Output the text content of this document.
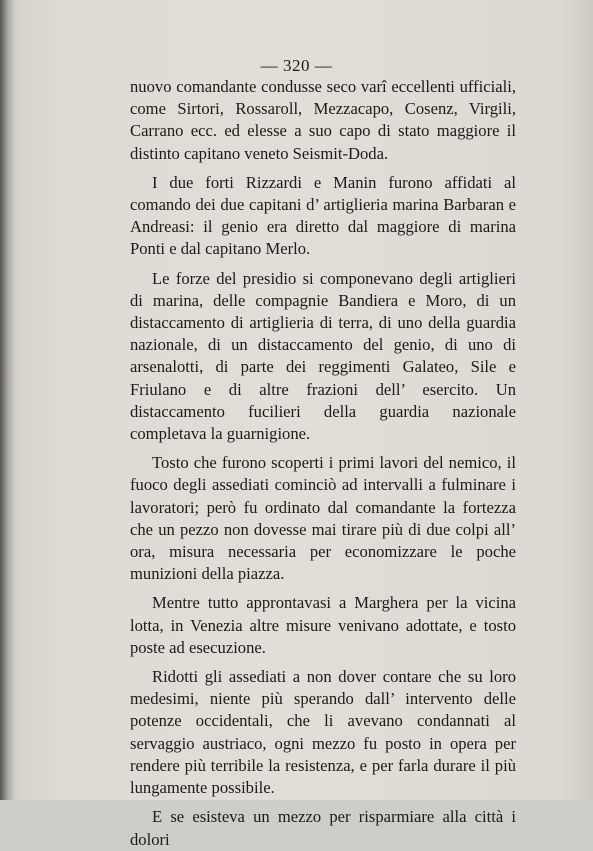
— 320 —

nuovo comandante condusse seco varî eccellenti ufficiali, come Sirtori, Rossaroll, Mezzacapo, Cosenz, Virgili, Carrano ecc. ed elesse a suo capo di stato maggiore il distinto capitano veneto Seismit-Doda.

I due forti Rizzardi e Manin furono affidati al comando dei due capitani d’ artiglieria marina Barbaran e Andreasi: il genio era diretto dal maggiore di marina Ponti e dal capitano Merlo.

Le forze del presidio si componevano degli artiglieri di marina, delle compagnie Bandiera e Moro, di un distaccamento di artiglieria di terra, di uno della guardia nazionale, di un distaccamento del genio, di uno di arsenalotti, di parte dei reggimenti Galateo, Sile e Friulano e di altre frazioni dell’ esercito. Un distaccamento fucilieri della guardia nazionale completava la guarnigione.

Tosto che furono scoperti i primi lavori del nemico, il fuoco degli assediati cominciò ad intervalli a fulminare i lavoratori; però fu ordinato dal comandante la fortezza che un pezzo non dovesse mai tirare più di due colpi all’ ora, misura necessaria per economizzare le poche munizioni della piazza.

Mentre tutto approntavasi a Marghera per la vicina lotta, in Venezia altre misure venivano adottate, e tosto poste ad esecuzione.

Ridotti gli assediati a non dover contare che su loro medesimi, niente più sperando dall’ intervento delle potenze occidentali, che li avevano condannati al servaggio austriaco, ogni mezzo fu posto in opera per rendere più terribile la resistenza, e per farla durare il più lungamente possibile.

E se esisteva un mezzo per risparmiare alla città i dolori
